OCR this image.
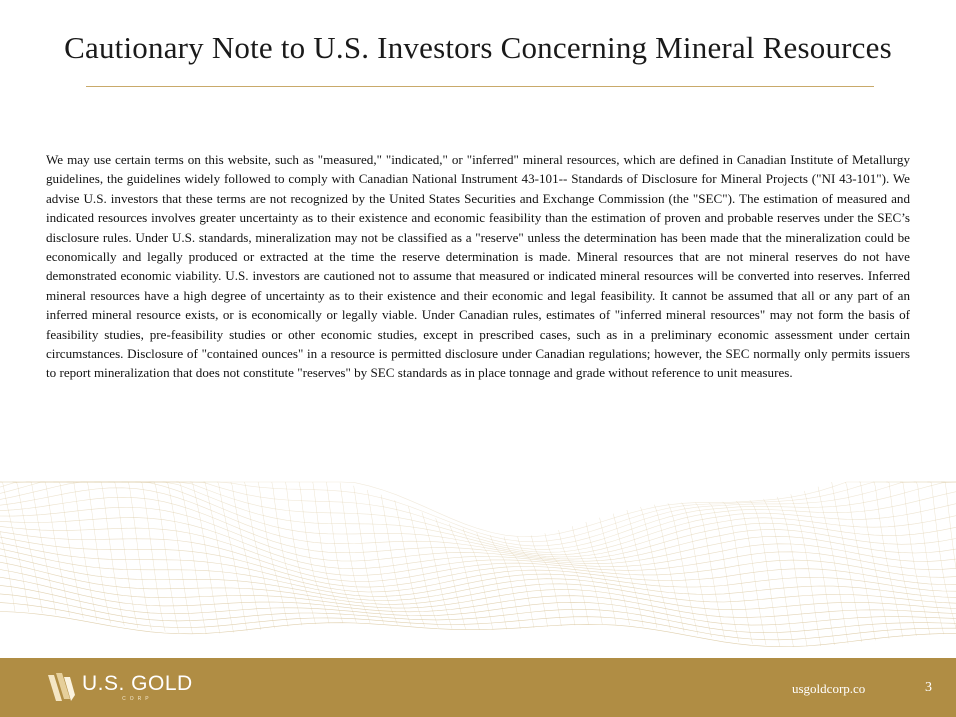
Cautionary Note to U.S. Investors Concerning Mineral Resources

We may use certain terms on this website, such as "measured," "indicated," or "inferred" mineral resources, which are defined in Canadian Institute of Metallurgy guidelines, the guidelines widely followed to comply with Canadian National Instrument 43-101-- Standards of Disclosure for Mineral Projects ("NI 43-101"). We advise U.S. investors that these terms are not recognized by the United States Securities and Exchange Commission (the "SEC"). The estimation of measured and indicated resources involves greater uncertainty as to their existence and economic feasibility than the estimation of proven and probable reserves under the SEC’s disclosure rules. Under U.S. standards, mineralization may not be classified as a "reserve" unless the determination has been made that the mineralization could be economically and legally produced or extracted at the time the reserve determination is made. Mineral resources that are not mineral reserves do not have demonstrated economic viability. U.S. investors are cautioned not to assume that measured or indicated mineral resources will be converted into reserves. Inferred mineral resources have a high degree of uncertainty as to their existence and their economic and legal feasibility. It cannot be assumed that all or any part of an inferred mineral resource exists, or is economically or legally viable. Under Canadian rules, estimates of "inferred mineral resources" may not form the basis of feasibility studies, pre-feasibility studies or other economic studies, except in prescribed cases, such as in a preliminary economic assessment under certain circumstances. Disclosure of "contained ounces" in a resource is permitted disclosure under Canadian regulations; however, the SEC normally only permits issuers to report mineralization that does not constitute "reserves" by SEC standards as in place tonnage and grade without reference to unit measures.

U.S. GOLD
CORP
usgoldcorp.co	3
